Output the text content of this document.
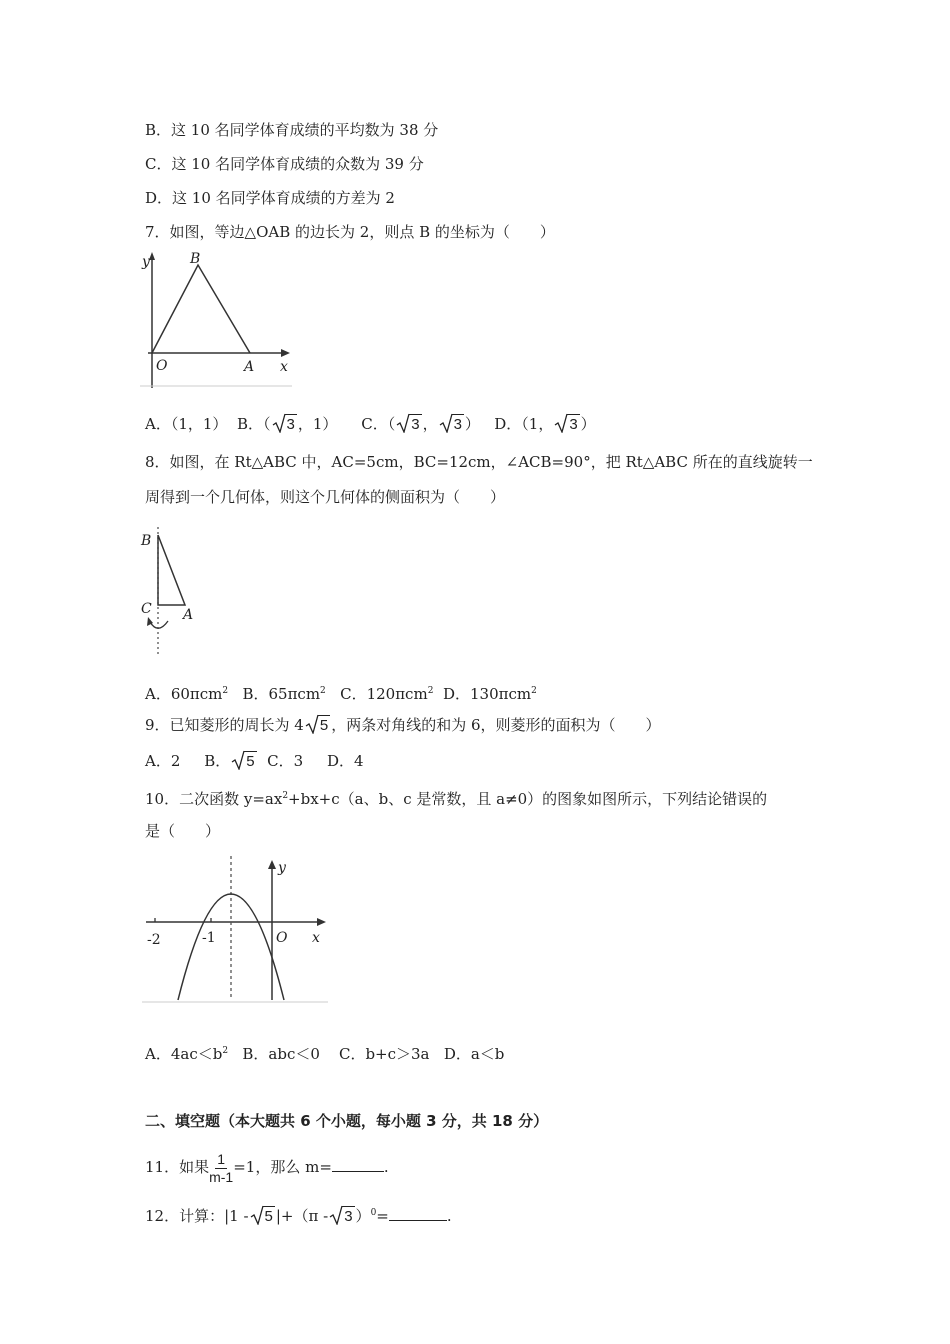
B．这 10 名同学体育成绩的平均数为 38 分
C．这 10 名同学体育成绩的众数为 39 分
D．这 10 名同学体育成绩的方差为 2
7．如图，等边△OAB 的边长为 2，则点 B 的坐标为（　　）
y	B
O	A x
A．（1，1） B．（ 3 ，1） C．（ 3 ， 3 ） D．（1， 3 ）
8．如图，在 Rt△ABC 中，AC=5cm，BC=12cm，∠ACB=90°，把 Rt△ABC 所在的直线旋转一
周得到一个几何体，则这个几何体的侧面积为（　　）
B
C A
A．60πcm$^2$ B．65πcm$^2$ C．120πcm$^2$ D．130πcm$^2$
9．已知菱形的周长为 4 5 ，两条对角线的和为 6，则菱形的面积为（　　）
A．2 B． 5 C．3 D．4
10．二次函数 $y=ax^2+bx+c(a$、b、c 是常数，且 a≠0）的图象如图所示，下列结论错误的
是（　　）
-2	-1	O x
y
A．$4ac<b^2$ B．abc＜0 C．b+c＞3a D．a＜b
二、填空题（本大题共 6 个小题，每小题 3 分，共 18 分）
11．如果 $\frac{1}{m-1} =1$，那么 m=	.
12．计算：|1 - 5 |+（π - 3 ）$^0$=	.
